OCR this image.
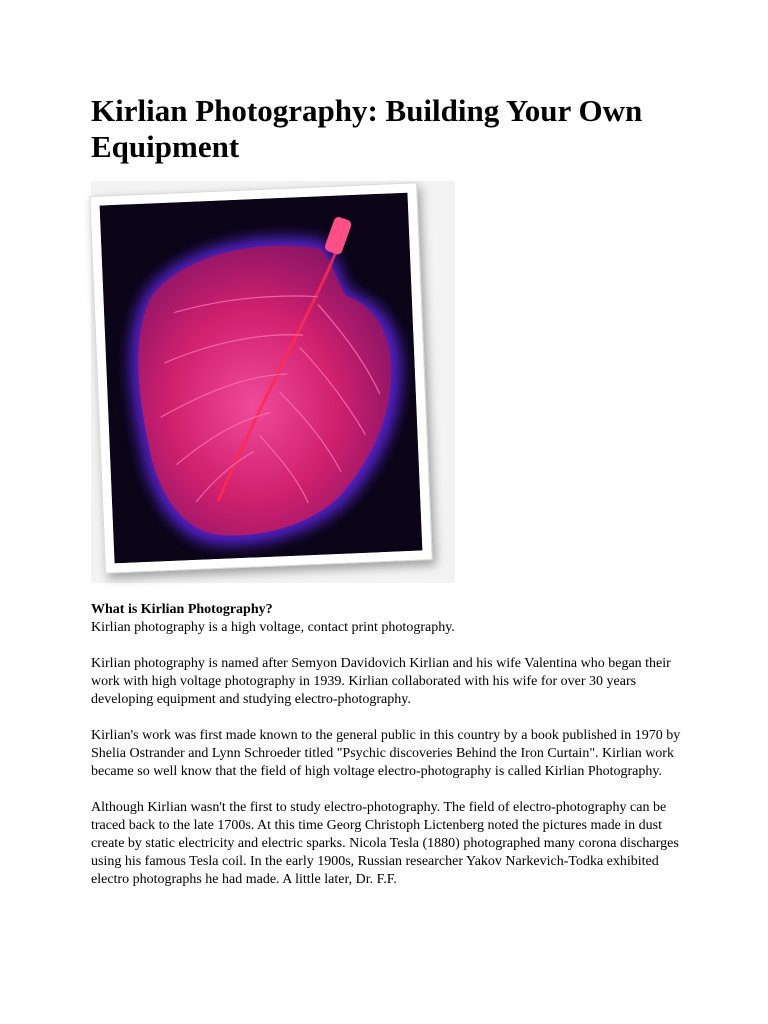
Kirlian Photography: Building Your Own Equipment
What is Kirlian Photography?

Kirlian photography is a high voltage, contact print photography.

Kirlian photography is named after Semyon Davidovich Kirlian and his wife Valentina who began their work with high voltage photography in 1939. Kirlian collaborated with his wife for over 30 years developing equipment and studying electro-photography.

Kirlian's work was first made known to the general public in this country by a book published in 1970 by Shelia Ostrander and Lynn Schroeder titled "Psychic discoveries Behind the Iron Curtain". Kirlian work became so well know that the field of high voltage electro-photography is called Kirlian Photography.

Although Kirlian wasn't the first to study electro-photography. The field of electro-photography can be traced back to the late 1700s. At this time Georg Christoph Lictenberg noted the pictures made in dust create by static electricity and electric sparks. Nicola Tesla (1880) photographed many corona discharges using his famous Tesla coil. In the early 1900s, Russian researcher Yakov Narkevich-Todka exhibited electro photographs he had made. A little later, Dr. F.F.
